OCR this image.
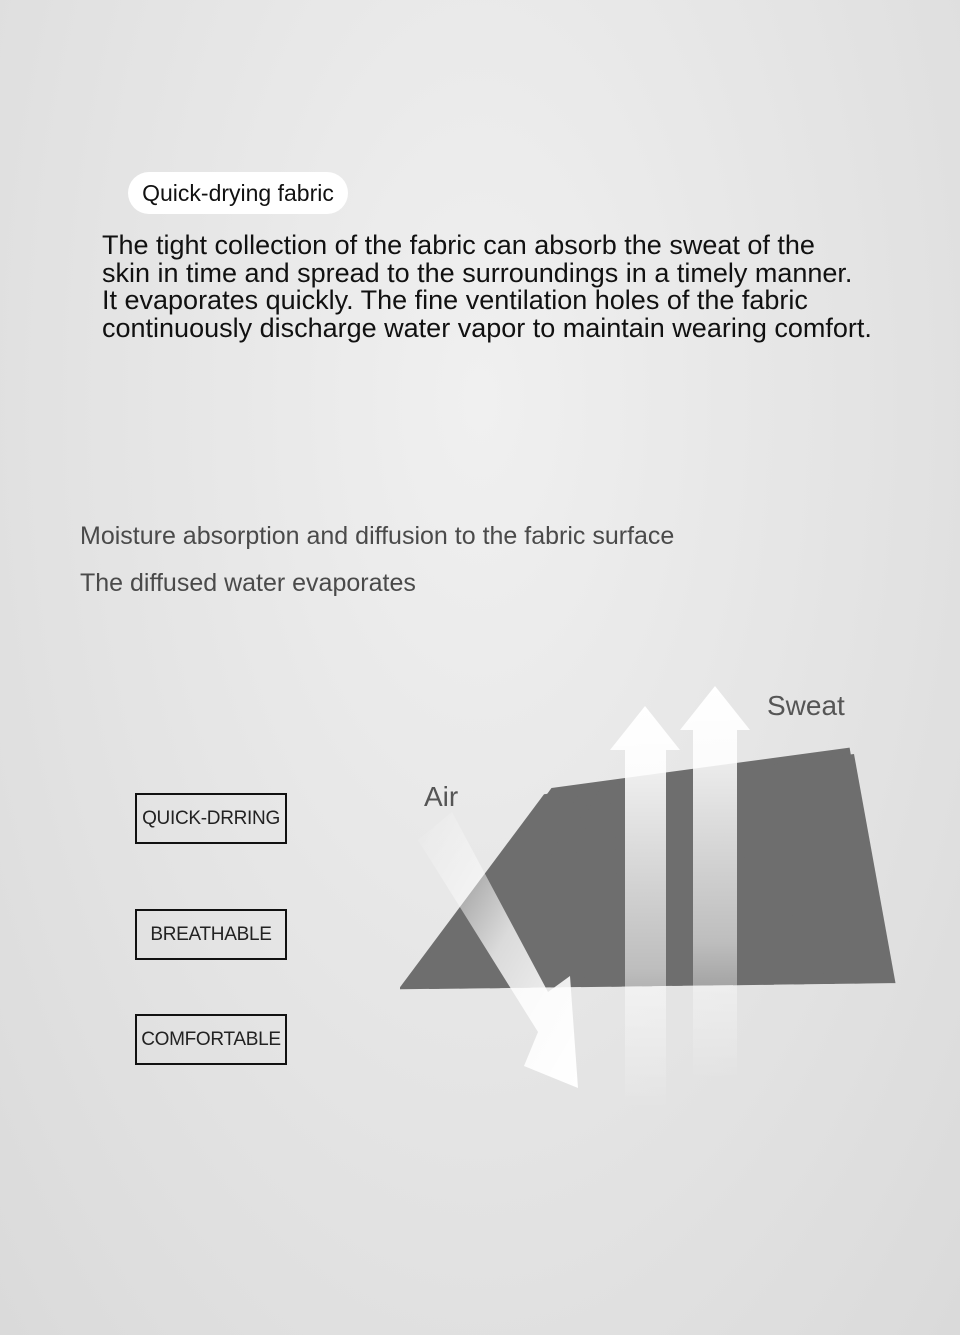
Quick-drying fabric
The tight collection of the fabric can absorb the sweat of the
skin in time and spread to the surroundings in a timely manner.
It evaporates quickly. The fine ventilation holes of the fabric
continuously discharge water vapor to maintain wearing comfort.
Moisture absorption and diffusion to the fabric surface
The diffused water evaporates
QUICK-DRRING
BREATHABLE
COMFORTABLE
Air
Sweat
